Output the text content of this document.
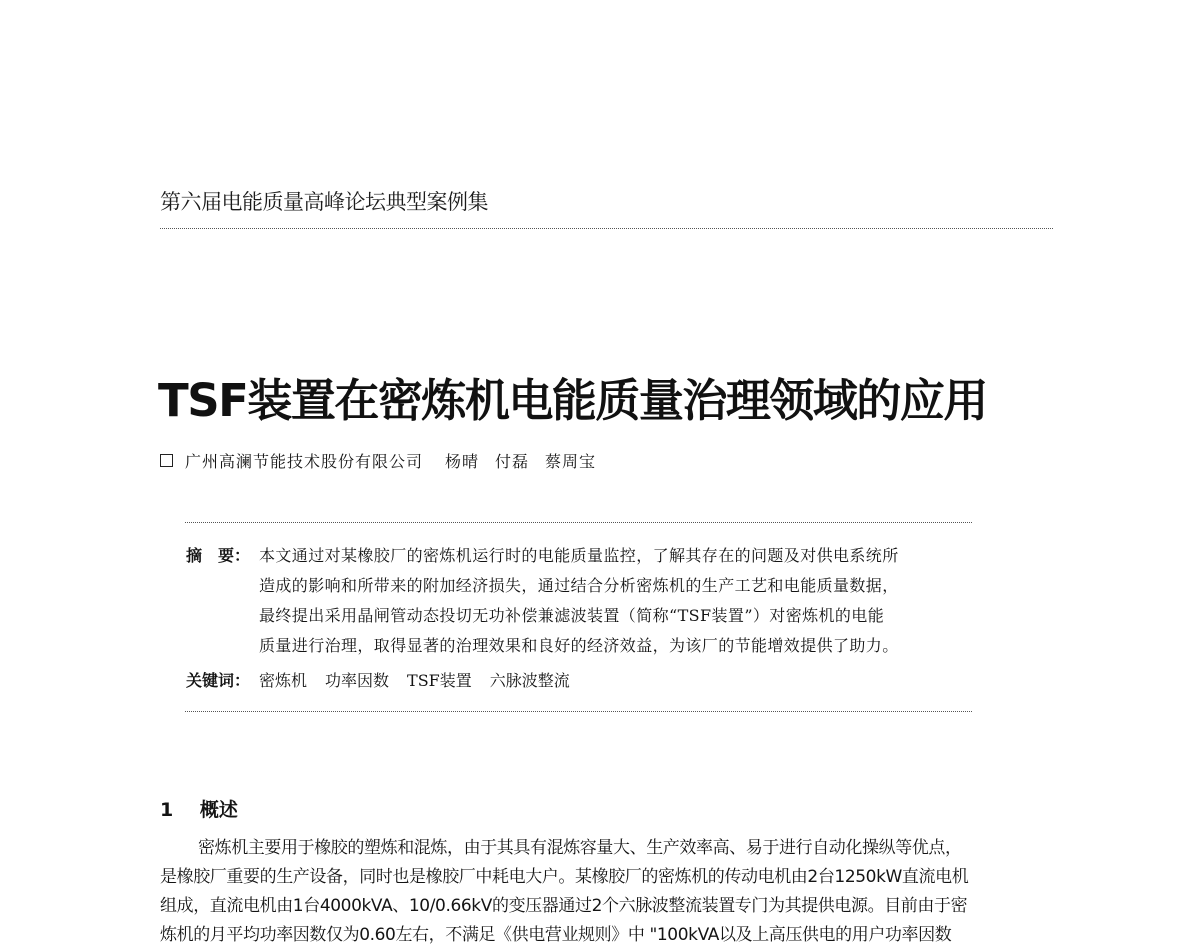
第六届电能质量高峰论坛典型案例集
TSF装置在密炼机电能质量治理领域的应用
广州高澜节能技术股份有限公司 杨晴 付磊 蔡周宝
摘　要： 本文通过对某橡胶厂的密炼机运行时的电能质量监控，了解其存在的问题及对供电系统所
造成的影响和所带来的附加经济损失，通过结合分析密炼机的生产工艺和电能质量数据，
最终提出采用晶闸管动态投切无功补偿兼滤波装置（简称“TSF装置”）对密炼机的电能
质量进行治理，取得显著的治理效果和良好的经济效益，为该厂的节能增效提供了助力。
关键词： 密炼机 功率因数 TSF装置 六脉波整流
1 概述
密炼机主要用于橡胶的塑炼和混炼，由于其具有混炼容量大、生产效率高、易于进行自动化操纵等优点，
是橡胶厂重要的生产设备，同时也是橡胶厂中耗电大户。某橡胶厂的密炼机的传动电机由2台1250kW直流电机
组成，直流电机由1台4000kVA、10/0.66kV的变压器通过2个六脉波整流装置专门为其提供电源。目前由于密
炼机的月平均功率因数仅为0.60左右，不满足《供电营业规则》中 "100kVA以及上高压供电的用户功率因数
